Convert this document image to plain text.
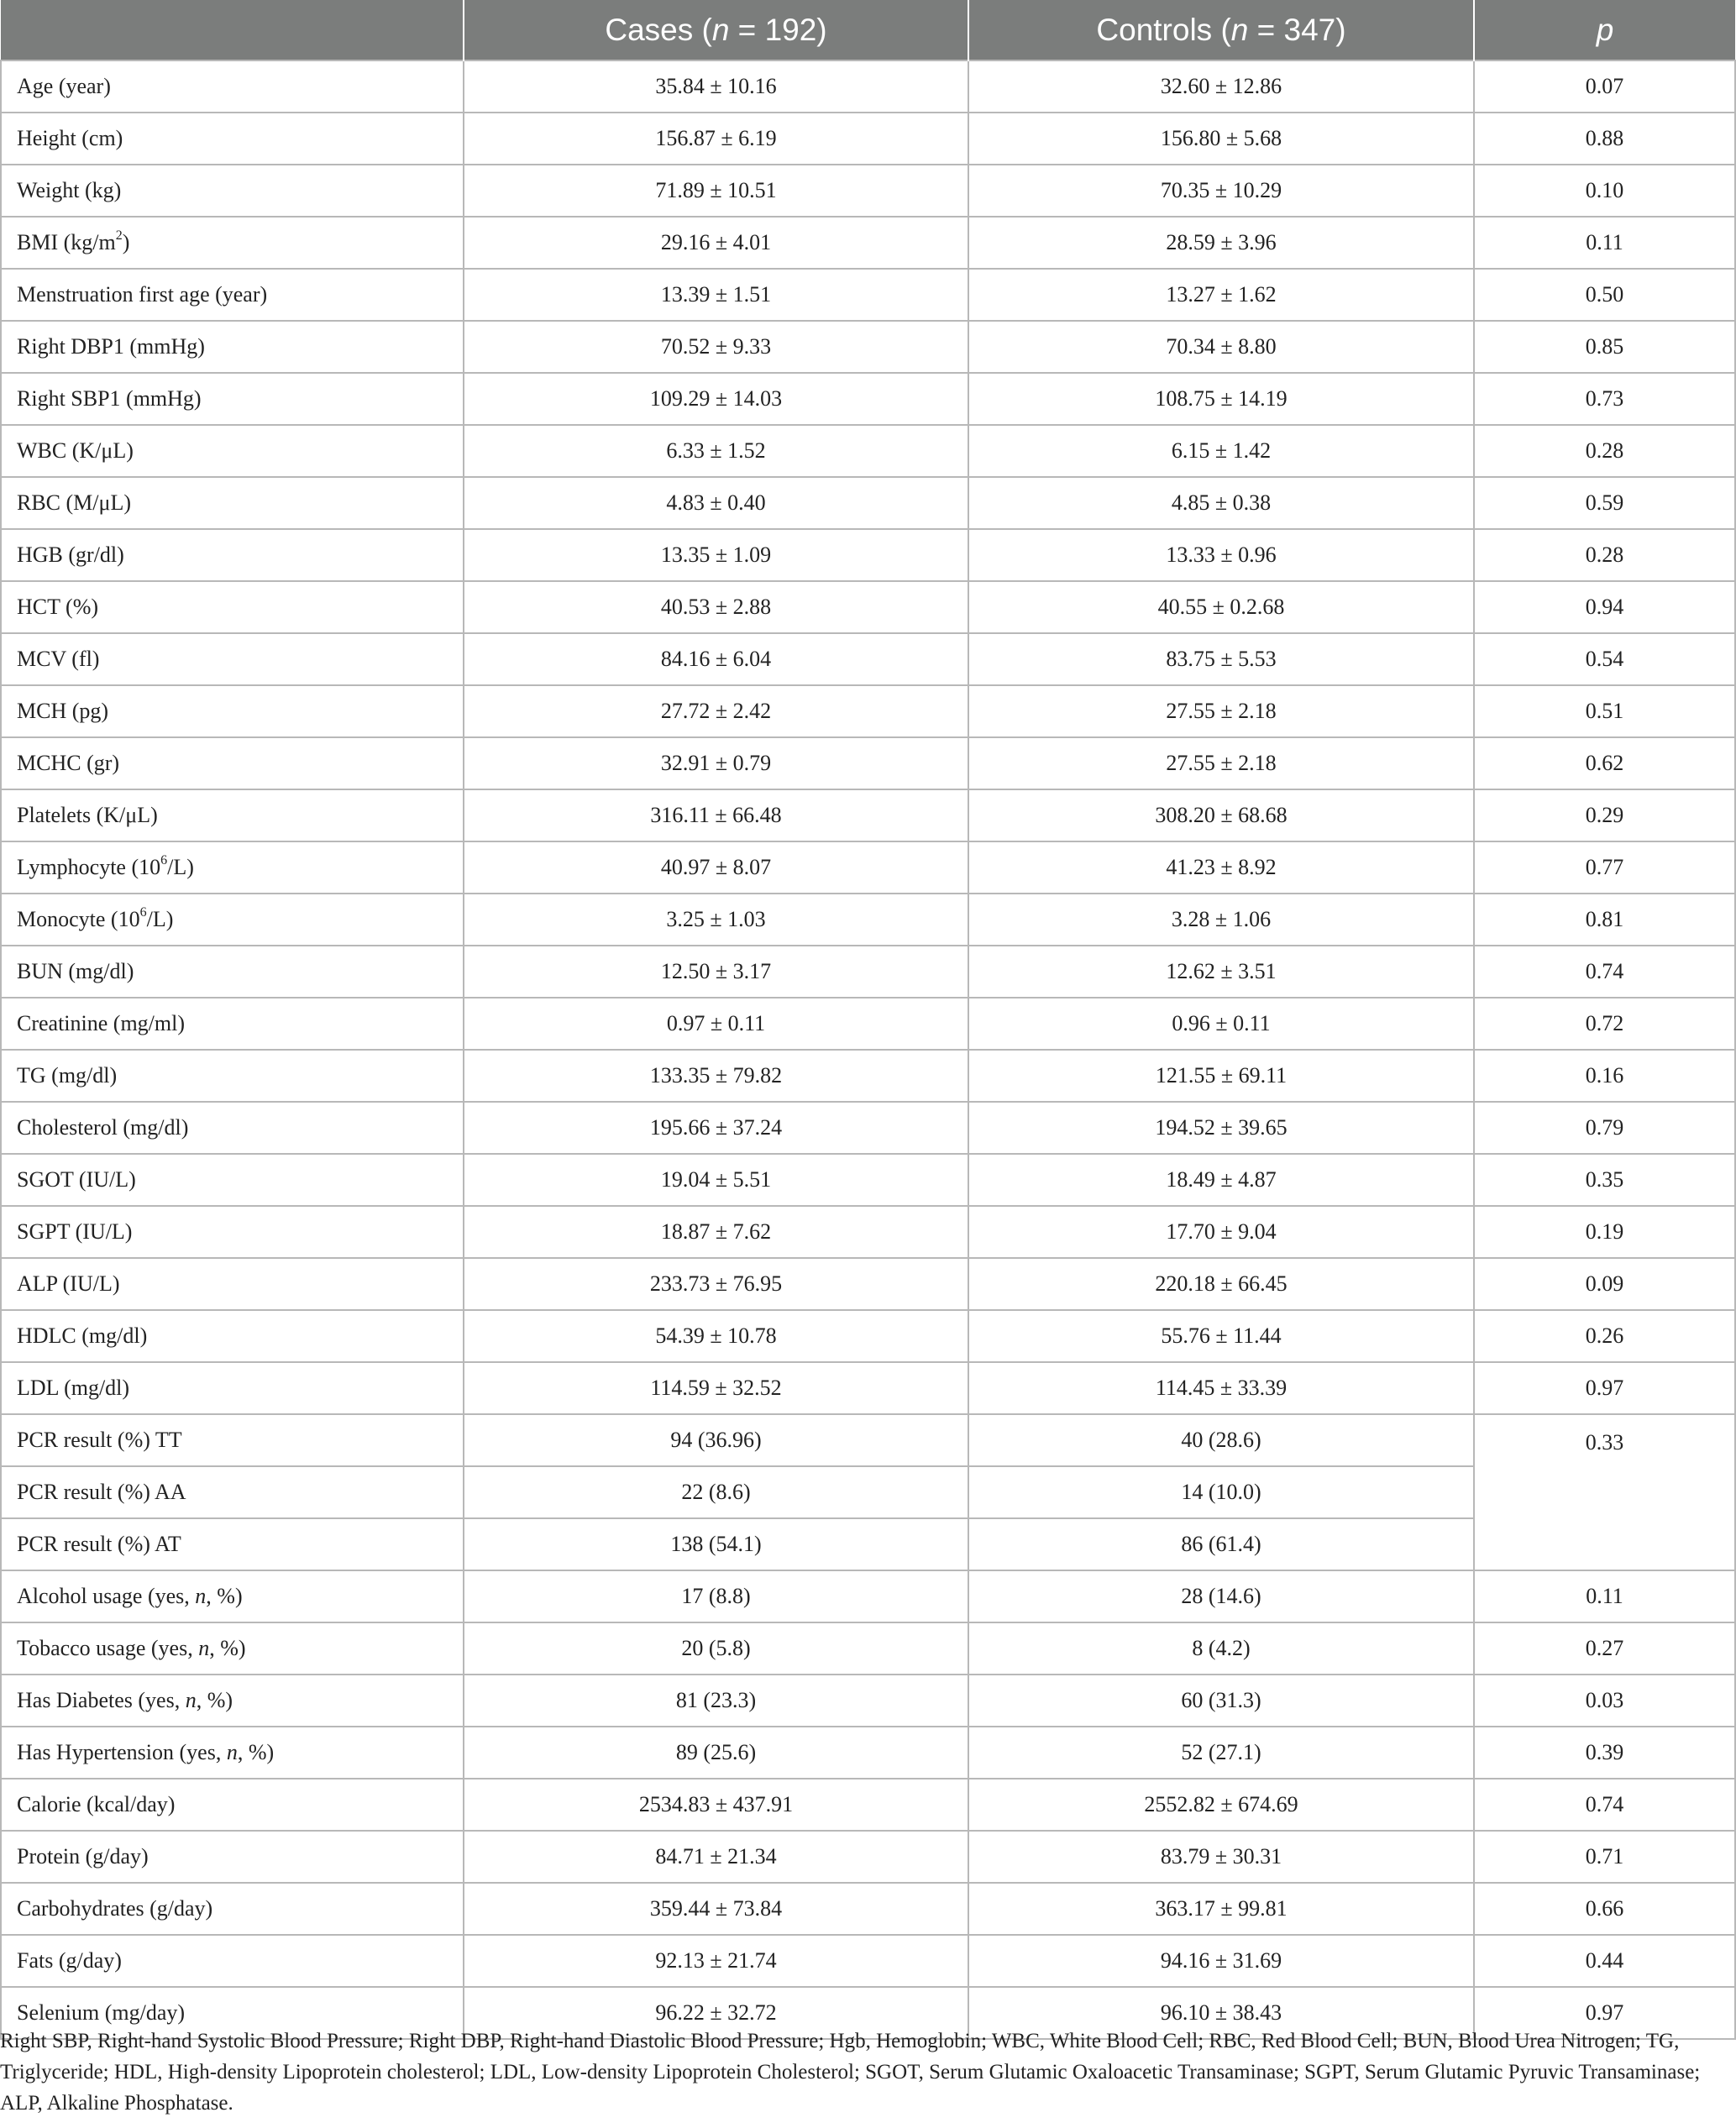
	Cases (n = 192)	Controls (n = 347)	p
Age (year)	35.84 ± 10.16	32.60 ± 12.86	0.07
Height (cm)	156.87 ± 6.19	156.80 ± 5.68	0.88
Weight (kg)	71.89 ± 10.51	70.35 ± 10.29	0.10
BMI $(kg/m^2)$	29.16 ± 4.01	28.59 ± 3.96	0.11
Menstruation first age (year)	13.39 ± 1.51	13.27 ± 1.62	0.50
Right DBP1 (mmHg)	70.52 ± 9.33	70.34 ± 8.80	0.85
Right SBP1 (mmHg)	109.29 ± 14.03	108.75 ± 14.19	0.73
WBC (K/μL)	6.33 ± 1.52	6.15 ± 1.42	0.28
RBC (M/μL)	4.83 ± 0.40	4.85 ± 0.38	0.59
HGB (gr/dl)	13.35 ± 1.09	13.33 ± 0.96	0.28
HCT (%)	40.53 ± 2.88	40.55 ± 0.2.68	0.94
MCV (fl)	84.16 ± 6.04	83.75 ± 5.53	0.54
MCH (pg)	27.72 ± 2.42	27.55 ± 2.18	0.51
MCHC (gr)	32.91 ± 0.79	27.55 ± 2.18	0.62
Platelets (K/μL)	316.11 ± 66.48	308.20 ± 68.68	0.29
Lymphocyte $(10^6/L)$	40.97 ± 8.07	41.23 ± 8.92	0.77
Monocyte $(10^6/L)$	3.25 ± 1.03	3.28 ± 1.06	0.81
BUN (mg/dl)	12.50 ± 3.17	12.62 ± 3.51	0.74
Creatinine (mg/ml)	0.97 ± 0.11	0.96 ± 0.11	0.72
TG (mg/dl)	133.35 ± 79.82	121.55 ± 69.11	0.16
Cholesterol (mg/dl)	195.66 ± 37.24	194.52 ± 39.65	0.79
SGOT (IU/L)	19.04 ± 5.51	18.49 ± 4.87	0.35
SGPT (IU/L)	18.87 ± 7.62	17.70 ± 9.04	0.19
ALP (IU/L)	233.73 ± 76.95	220.18 ± 66.45	0.09
HDLC (mg/dl)	54.39 ± 10.78	55.76 ± 11.44	0.26
LDL (mg/dl)	114.59 ± 32.52	114.45 ± 33.39	0.97
PCR result (%) TT	94 (36.96)	40 (28.6)	0.33
PCR result (%) AA	22 (8.6)	14 (10.0)	
PCR result (%) AT	138 (54.1)	86 (61.4)	
Alcohol usage (yes, n, %)	17 (8.8)	28 (14.6)	0.11
Tobacco usage (yes, n, %)	20 (5.8)	8 (4.2)	0.27
Has Diabetes (yes, n, %)	81 (23.3)	60 (31.3)	0.03
Has Hypertension (yes, n, %)	89 (25.6)	52 (27.1)	0.39
Calorie (kcal/day)	2534.83 ± 437.91	2552.82 ± 674.69	0.74
Protein (g/day)	84.71 ± 21.34	83.79 ± 30.31	0.71
Carbohydrates (g/day)	359.44 ± 73.84	363.17 ± 99.81	0.66
Fats (g/day)	92.13 ± 21.74	94.16 ± 31.69	0.44
Selenium (mg/day)	96.22 ± 32.72	96.10 ± 38.43	0.97
Right SBP, Right-hand Systolic Blood Pressure; Right DBP, Right-hand Diastolic Blood Pressure; Hgb, Hemoglobin; WBC, White Blood Cell; RBC, Red Blood Cell; BUN, Blood Urea Nitrogen; TG, Triglyceride; HDL, High-density Lipoprotein cholesterol; LDL, Low-density Lipoprotein Cholesterol; SGOT, Serum Glutamic Oxaloacetic Transaminase; SGPT, Serum Glutamic Pyruvic Transaminase; ALP, Alkaline Phosphatase.
